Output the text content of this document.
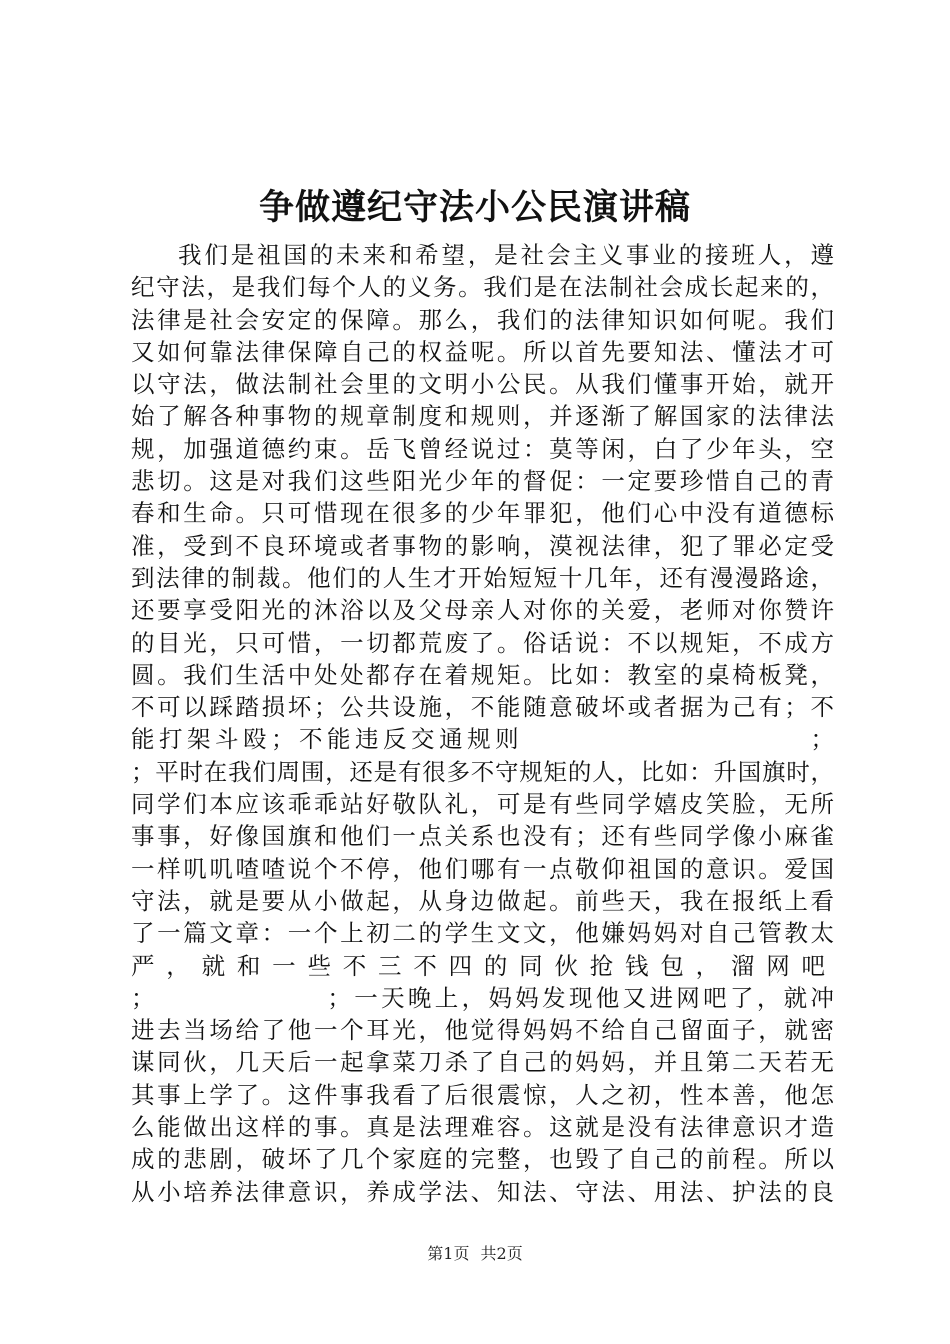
争做遵纪守法小公民演讲稿
我们是祖国的未来和希望，是社会主义事业的接班人，遵
纪守法，是我们每个人的义务。我们是在法制社会成长起来的，
法律是社会安定的保障。那么，我们的法律知识如何呢。我们
又如何靠法律保障自己的权益呢。所以首先要知法、懂法才可
以守法，做法制社会里的文明小公民。从我们懂事开始，就开
始了解各种事物的规章制度和规则，并逐渐了解国家的法律法
规，加强道德约束。岳飞曾经说过：莫等闲，白了少年头，空
悲切。这是对我们这些阳光少年的督促：一定要珍惜自己的青
春和生命。只可惜现在很多的少年罪犯，他们心中没有道德标
准，受到不良环境或者事物的影响，漠视法律，犯了罪必定受
到法律的制裁。他们的人生才开始短短十几年，还有漫漫路途，
还要享受阳光的沐浴以及父母亲人对你的关爱，老师对你赞许
的目光，只可惜，一切都荒废了。俗话说：不以规矩，不成方
圆。我们生活中处处都存在着规矩。比如：教室的桌椅板凳，
不可以踩踏损坏；公共设施，不能随意破坏或者据为己有；不
能打架斗殴；不能违反交通规则                        ；
；平时在我们周围，还是有很多不守规矩的人，比如：升国旗时，
同学们本应该乖乖站好敬队礼，可是有些同学嬉皮笑脸，无所
事事，好像国旗和他们一点关系也没有；还有些同学像小麻雀
一样叽叽喳喳说个不停，他们哪有一点敬仰祖国的意识。爱国
守法，就是要从小做起，从身边做起。前些天，我在报纸上看
了一篇文章：一个上初二的学生文文，他嫌妈妈对自己管教太
严，就和一些不三不四的同伙抢钱包，溜网吧
；                ；一天晚上，妈妈发现他又进网吧了，就冲
进去当场给了他一个耳光，他觉得妈妈不给自己留面子，就密
谋同伙，几天后一起拿菜刀杀了自己的妈妈，并且第二天若无
其事上学了。这件事我看了后很震惊，人之初，性本善，他怎
么能做出这样的事。真是法理难容。这就是没有法律意识才造
成的悲剧，破坏了几个家庭的完整，也毁了自己的前程。所以
从小培养法律意识，养成学法、知法、守法、用法、护法的良
第1页 共2页
